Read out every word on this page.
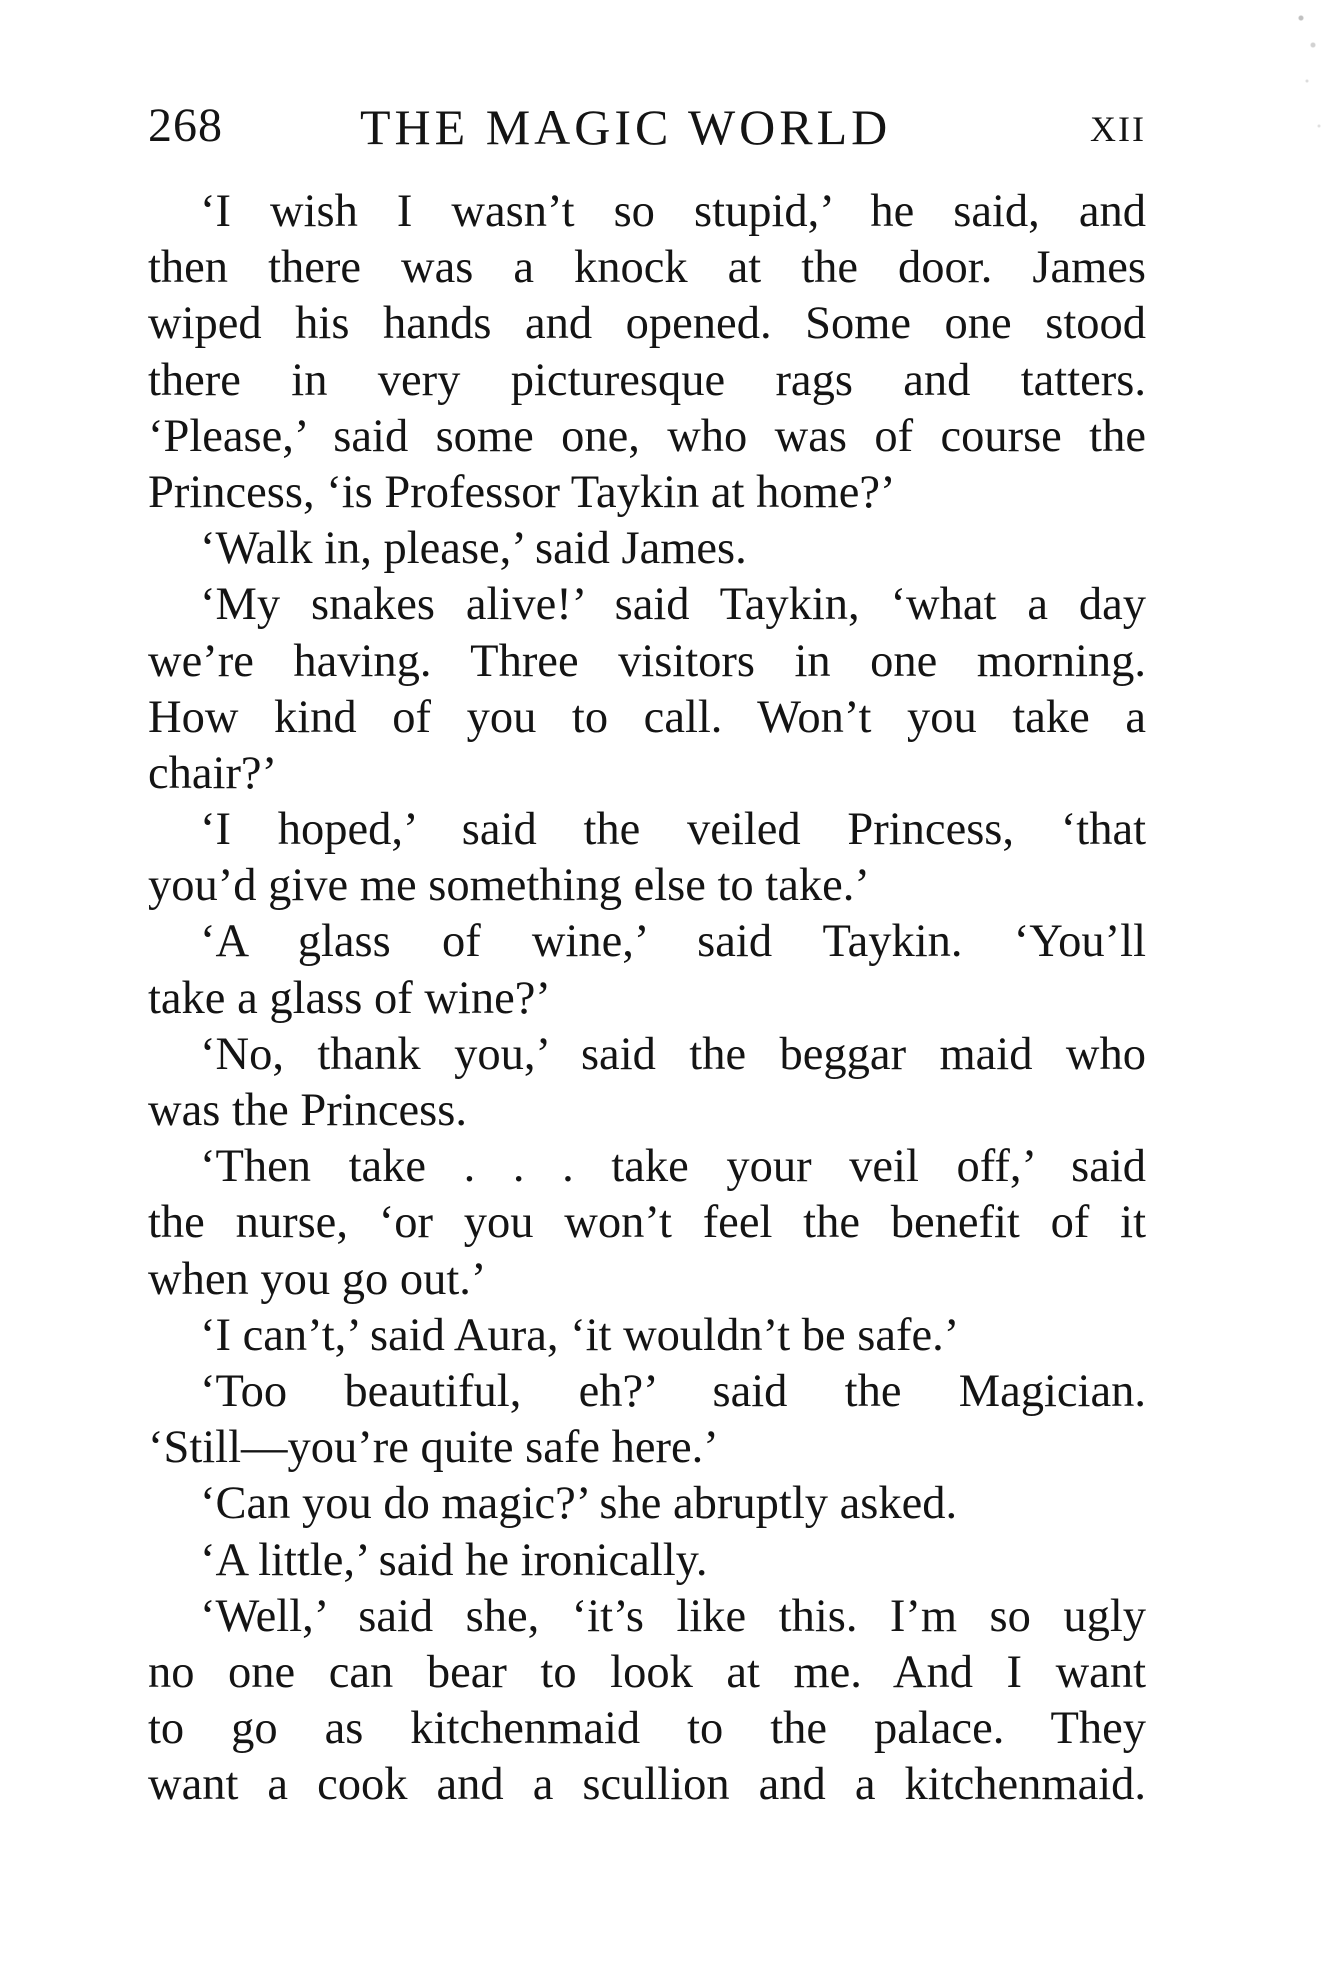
268	THE MAGIC WORLD	XII
‘I wish I wasn’t so stupid,’ he said, and
then there was a knock at the door. James
wiped his hands and opened. Some one stood
there in very picturesque rags and tatters.
‘Please,’ said some one, who was of course the
Princess, ‘is Professor Taykin at home?’
‘Walk in, please,’ said James.
‘My snakes alive!’ said Taykin, ‘what a day
we’re having. Three visitors in one morning.
How kind of you to call. Won’t you take a
chair?’
‘I hoped,’ said the veiled Princess, ‘that
you’d give me something else to take.’
‘A glass of wine,’ said Taykin. ‘You’ll
take a glass of wine?’
‘No, thank you,’ said the beggar maid who
was the Princess.
‘Then take . . . take your veil off,’ said
the nurse, ‘or you won’t feel the benefit of it
when you go out.’
‘I can’t,’ said Aura, ‘it wouldn’t be safe.’
‘Too beautiful, eh?’ said the Magician.
‘Still—you’re quite safe here.’
‘Can you do magic?’ she abruptly asked.
‘A little,’ said he ironically.
‘Well,’ said she, ‘it’s like this. I’m so ugly
no one can bear to look at me. And I want
to go as kitchenmaid to the palace. They
want a cook and a scullion and a kitchenmaid.
